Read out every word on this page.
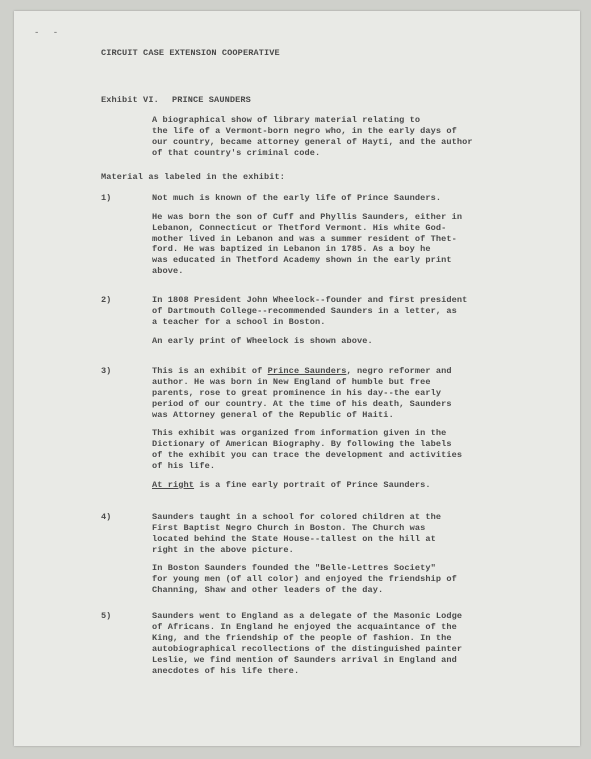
- -
CIRCUIT CASE EXTENSION COOPERATIVE
Exhibit VI. PRINCE SAUNDERS
A biographical show of library material relating to
the life of a Vermont-born negro who, in the early days of
our country, became attorney general of Hayti, and the author
of that country's criminal code.
Material as labeled in the exhibit:
1)	Not much is known of the early life of Prince Saunders.
He was born the son of Cuff and Phyllis Saunders, either in
Lebanon, Connecticut or Thetford Vermont. His white God-
mother lived in Lebanon and was a summer resident of Thet-
ford. He was baptized in Lebanon in 1785. As a boy he
was educated in Thetford Academy shown in the early print
above.
2)	In 1808 President John Wheelock--founder and first president
of Dartmouth College--recommended Saunders in a letter, as
a teacher for a school in Boston.
An early print of Wheelock is shown above.
3)	This is an exhibit of Prince Saunders, negro reformer and
author. He was born in New England of humble but free
parents, rose to great prominence in his day--the early
period of our country. At the time of his death, Saunders
was Attorney general of the Republic of Haiti.
This exhibit was organized from information given in the
Dictionary of American Biography. By following the labels
of the exhibit you can trace the development and activities
of his life.
At right is a fine early portrait of Prince Saunders.
4)	Saunders taught in a school for colored children at the
First Baptist Negro Church in Boston. The Church was
located behind the State House--tallest on the hill at
right in the above picture.
In Boston Saunders founded the "Belle-Lettres Society"
for young men (of all color) and enjoyed the friendship of
Channing, Shaw and other leaders of the day.
5)	Saunders went to England as a delegate of the Masonic Lodge
of Africans. In England he enjoyed the acquaintance of the
King, and the friendship of the people of fashion. In the
autobiographical recollections of the distinguished painter
Leslie, we find mention of Saunders arrival in England and
anecdotes of his life there.
